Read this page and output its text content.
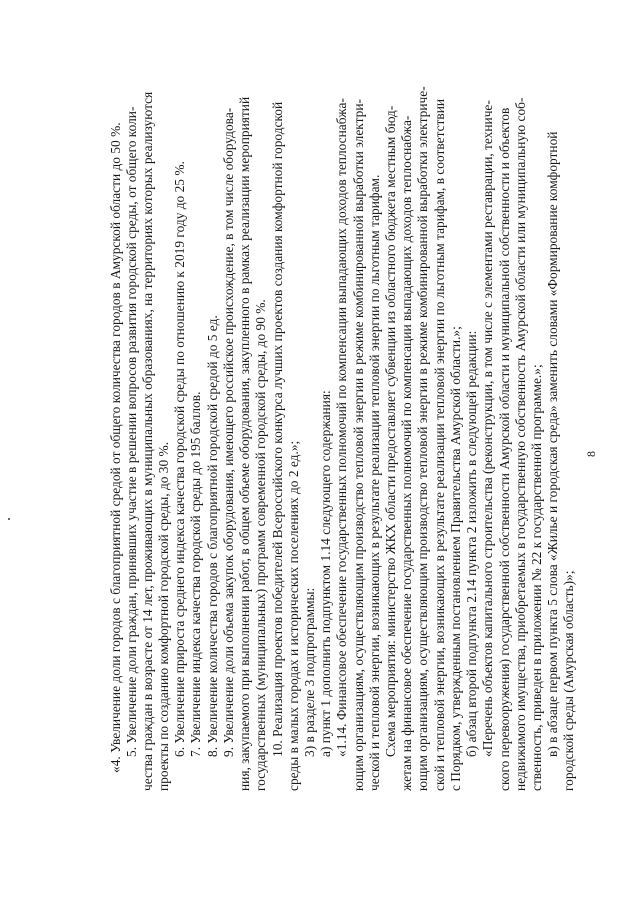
8
«4. Увеличение доли городов с благоприятной средой от общего количества городов в Амурской области до 50 %. 5. Увеличение доли граждан, принявших участие в решении вопросов развития городской среды, от общего коли- чества граждан в возрасте от 14 лет, проживающих в муниципальных образованиях, на территориях которых реализуются проекты по созданию комфортной городской среды, до 30 %. 6. Увеличение прироста среднего индекса качества городской среды по отношению к 2019 году до 25 %. 7. Увеличение индекса качества городской среды до 195 баллов. 8. Увеличение количества городов с благоприятной городской средой до 5 ед. 9. Увеличение доли объема закупок оборудования, имеющего российское происхождение, в том числе оборудова- ния, закупаемого при выполнении работ, в общем объеме оборудования, закупленного в рамках реализации мероприятий государственных (муниципальных) программ современной городской среды, до 90 %. 10. Реализация проектов победителей Всероссийского конкурса лучших проектов создания комфортной городской среды в малых городах и исторических поселениях до 2 ед.»; 3) в разделе 3 подпрограммы: а) пункт 1 дополнить подпунктом 1.14 следующего содержания: «1.14. Финансовое обеспечение государственных полномочий по компенсации выпадающих доходов теплоснабжа- ющим организациям, осуществляющим производство тепловой энергии в режиме комбинированной выработки электри- ческой и тепловой энергии, возникающих в результате реализации тепловой энергии по льготным тарифам. Схема мероприятия: министерство ЖКХ области предоставляет субвенции из областного бюджета местным бюд- жетам на финансовое обеспечение государственных полномочий по компенсации выпадающих доходов теплоснабжа- ющим организациям, осуществляющим производство тепловой энергии в режиме комбинированной выработки электриче- ской и тепловой энергии, возникающих в результате реализации тепловой энергии по льготным тарифам, в соответствии с Порядком, утвержденным постановлением Правительства Амурской области.»; б) абзац второй подпункта 2.14 пункта 2 изложить в следующей редакции: «Перечень объектов капитального строительства (реконструкции, в том числе с элементами реставрации, техниче- ского перевооружения) государственной собственности Амурской области и муниципальной собственности и объектов недвижимого имущества, приобретаемых в государственную собственность Амурской области или муниципальную соб- ственность, приведен в приложении № 22 к государственной программе.»; в) в абзаце первом пункта 5 слова «Жилье и городская среда» заменить словами «Формирование комфортной городской среды (Амурская область)»;
